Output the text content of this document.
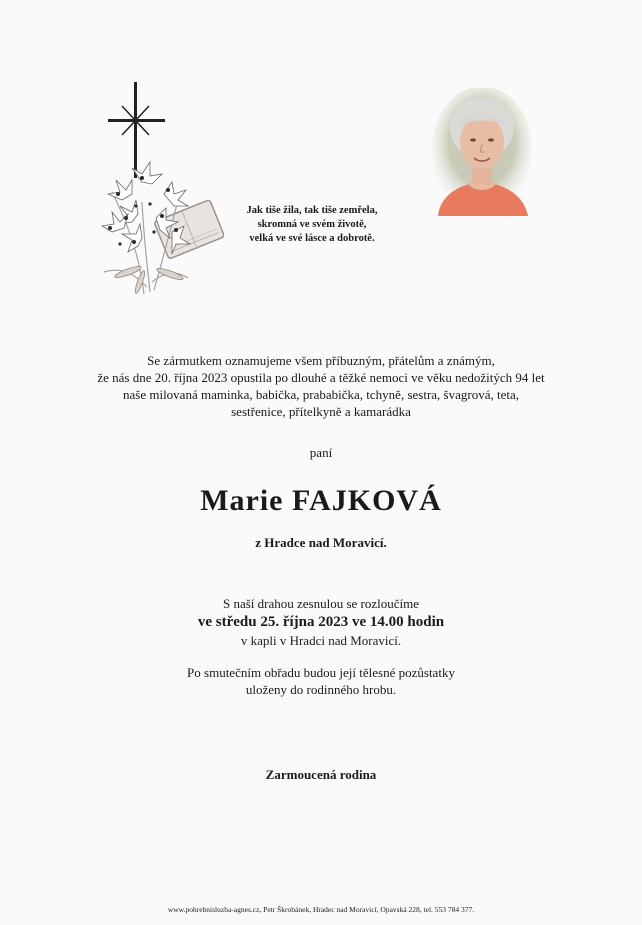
Jak tiše žila, tak tiše zemřela,
skromná ve svém životě,
velká ve své lásce a dobrotě.
Se zármutkem oznamujeme všem příbuzným, přátelům a známým,
že nás dne 20. října 2023 opustila po dlouhé a těžké nemoci ve věku nedožitých 94 let
naše milovaná maminka, babička, prababička, tchyně, sestra, švagrová, teta,
sestřenice, přítelkyně a kamarádka
paní
Marie FAJKOVÁ
z Hradce nad Moravicí.
S naší drahou zesnulou se rozloučíme
ve středu 25. října 2023 ve 14.00 hodin
v kapli v Hradci nad Moravicí.
Po smutečním obřadu budou její tělesné pozůstatky
uloženy do rodinného hrobu.
Zarmoucená rodina
www.pohrebnisluzba-agnes.cz, Petr Škrobánek, Hradec nad Moravicí, Opavská 228, tel. 553 784 377.
